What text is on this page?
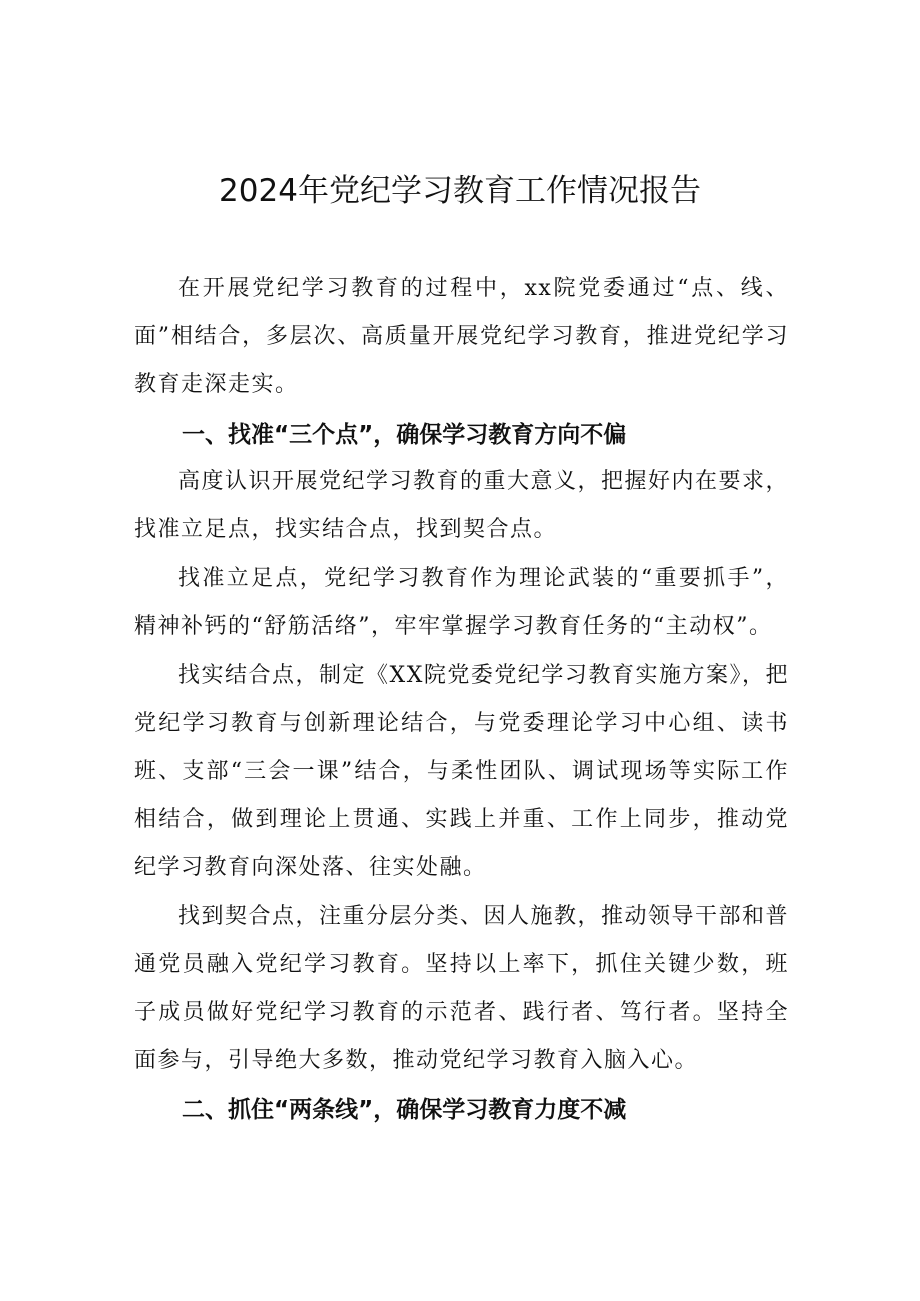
2024年党纪学习教育工作情况报告

在开展党纪学习教育的过程中，xx院党委通过“点、线、面”相结合，多层次、高质量开展党纪学习教育，推进党纪学习教育走深走实。

一、找准“三个点”，确保学习教育方向不偏

高度认识开展党纪学习教育的重大意义，把握好内在要求，找准立足点，找实结合点，找到契合点。

找准立足点，党纪学习教育作为理论武装的“重要抓手”，精神补钙的“舒筋活络”，牢牢掌握学习教育任务的“主动权”。

找实结合点，制定《XX院党委党纪学习教育实施方案》，把党纪学习教育与创新理论结合，与党委理论学习中心组、读书班、支部“三会一课”结合，与柔性团队、调试现场等实际工作相结合，做到理论上贯通、实践上并重、工作上同步，推动党纪学习教育向深处落、往实处融。

找到契合点，注重分层分类、因人施教，推动领导干部和普通党员融入党纪学习教育。坚持以上率下，抓住关键少数，班子成员做好党纪学习教育的示范者、践行者、笃行者。坚持全面参与，引导绝大多数，推动党纪学习教育入脑入心。

二、抓住“两条线”，确保学习教育力度不减
